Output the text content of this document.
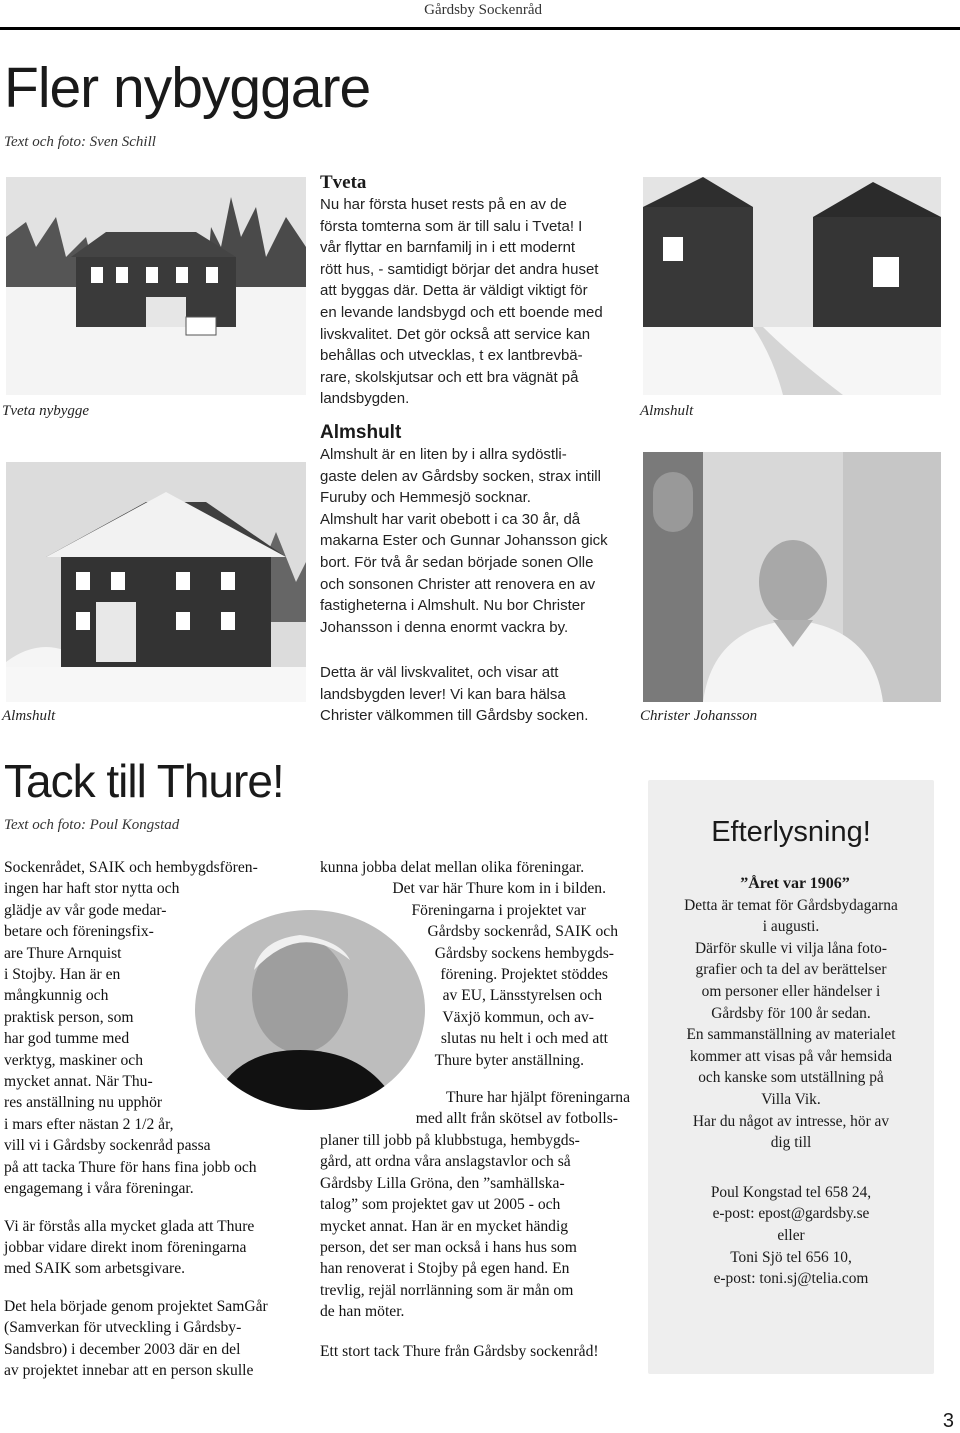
Gårdsby Sockenråd
Fler nybyggare
Text och foto: Sven Schill
Tveta nybygge
Almshult
Tveta
Nu har första huset rests på en av de
första tomterna som är till salu i Tveta! I
vår flyttar en barnfamilj in i ett modernt
rött hus, - samtidigt börjar det andra huset
att byggas där. Detta är väldigt viktigt för
en levande landsbygd och ett boende med
livskvalitet. Det gör också att service kan
behållas och utvecklas, t ex lantbrevbä-
rare, skolskjutsar och ett bra vägnät på
landsbygden.
Almshult
Almshult är en liten by i allra sydöstli-
gaste delen av Gårdsby socken, strax intill
Furuby och Hemmesjö socknar.
Almshult har varit obebott i ca 30 år, då
makarna Ester och Gunnar Johansson gick
bort. För två år sedan började sonen Olle
och sonsonen Christer att renovera en av
fastigheterna i Almshult. Nu bor Christer
Johansson i denna enormt vackra by.
Detta är väl livskvalitet, och visar att
landsbygden lever! Vi kan bara hälsa
Christer välkommen till Gårdsby socken.
Almshult
Christer Johansson
Tack till Thure!
Text och foto: Poul Kongstad
Sockenrådet, SAIK och hembygdsfören-
ingen har haft stor nytta och
glädje av vår gode medar-
betare och föreningsfix-
are Thure Arnquist
i Stojby. Han är en
mångkunnig och
praktisk person, som
har god tumme med
verktyg, maskiner och
mycket annat. När Thu-
res anställning nu upphör
i mars efter nästan 2 1/2 år,
vill vi i Gårdsby sockenråd passa
på att tacka Thure för hans fina jobb och
engagemang i våra föreningar.
Vi är förstås alla mycket glada att Thure
jobbar vidare direkt inom föreningarna
med SAIK som arbetsgivare.
Det hela började genom projektet SamGår
(Samverkan för utveckling i Gårdsby-
Sandsbro) i december 2003 där en del
av projektet innebar att en person skulle
kunna jobba delat mellan olika föreningar.
Det var här Thure kom in i bilden.
Föreningarna i projektet var
Gårdsby sockenråd, SAIK och
Gårdsby sockens hembygds-
förening. Projektet stöddes
av EU, Länsstyrelsen och
Växjö kommun, och av-
slutas nu helt i och med att
Thure byter anställning.
Thure har hjälpt föreningarna
med allt från skötsel av fotbolls-
planer till jobb på klubbstuga, hembygds-
gård, att ordna våra anslagstavlor och så
Gårdsby Lilla Gröna, den ”samhällska-
talog” som projektet gav ut 2005 - och
mycket annat. Han är en mycket händig
person, det ser man också i hans hus som
han renoverat i Stojby på egen hand. En
trevlig, rejäl norrlänning som är mån om
de han möter.
Ett stort tack Thure från Gårdsby sockenråd!
Efterlysning!
”Året var 1906”
Detta är temat för Gårdsbydagarna
i augusti.
Därför skulle vi vilja låna foto-
grafier och ta del av berättelser
om personer eller händelser i
Gårdsby för 100 år sedan.
En sammanställning av materialet
kommer att visas på vår hemsida
och kanske som utställning på
Villa Vik.
Har du något av intresse, hör av
dig till
Poul Kongstad tel 658 24,
e-post: epost@gardsby.se
eller
Toni Sjö tel 656 10,
e-post: toni.sj@telia.com
3
